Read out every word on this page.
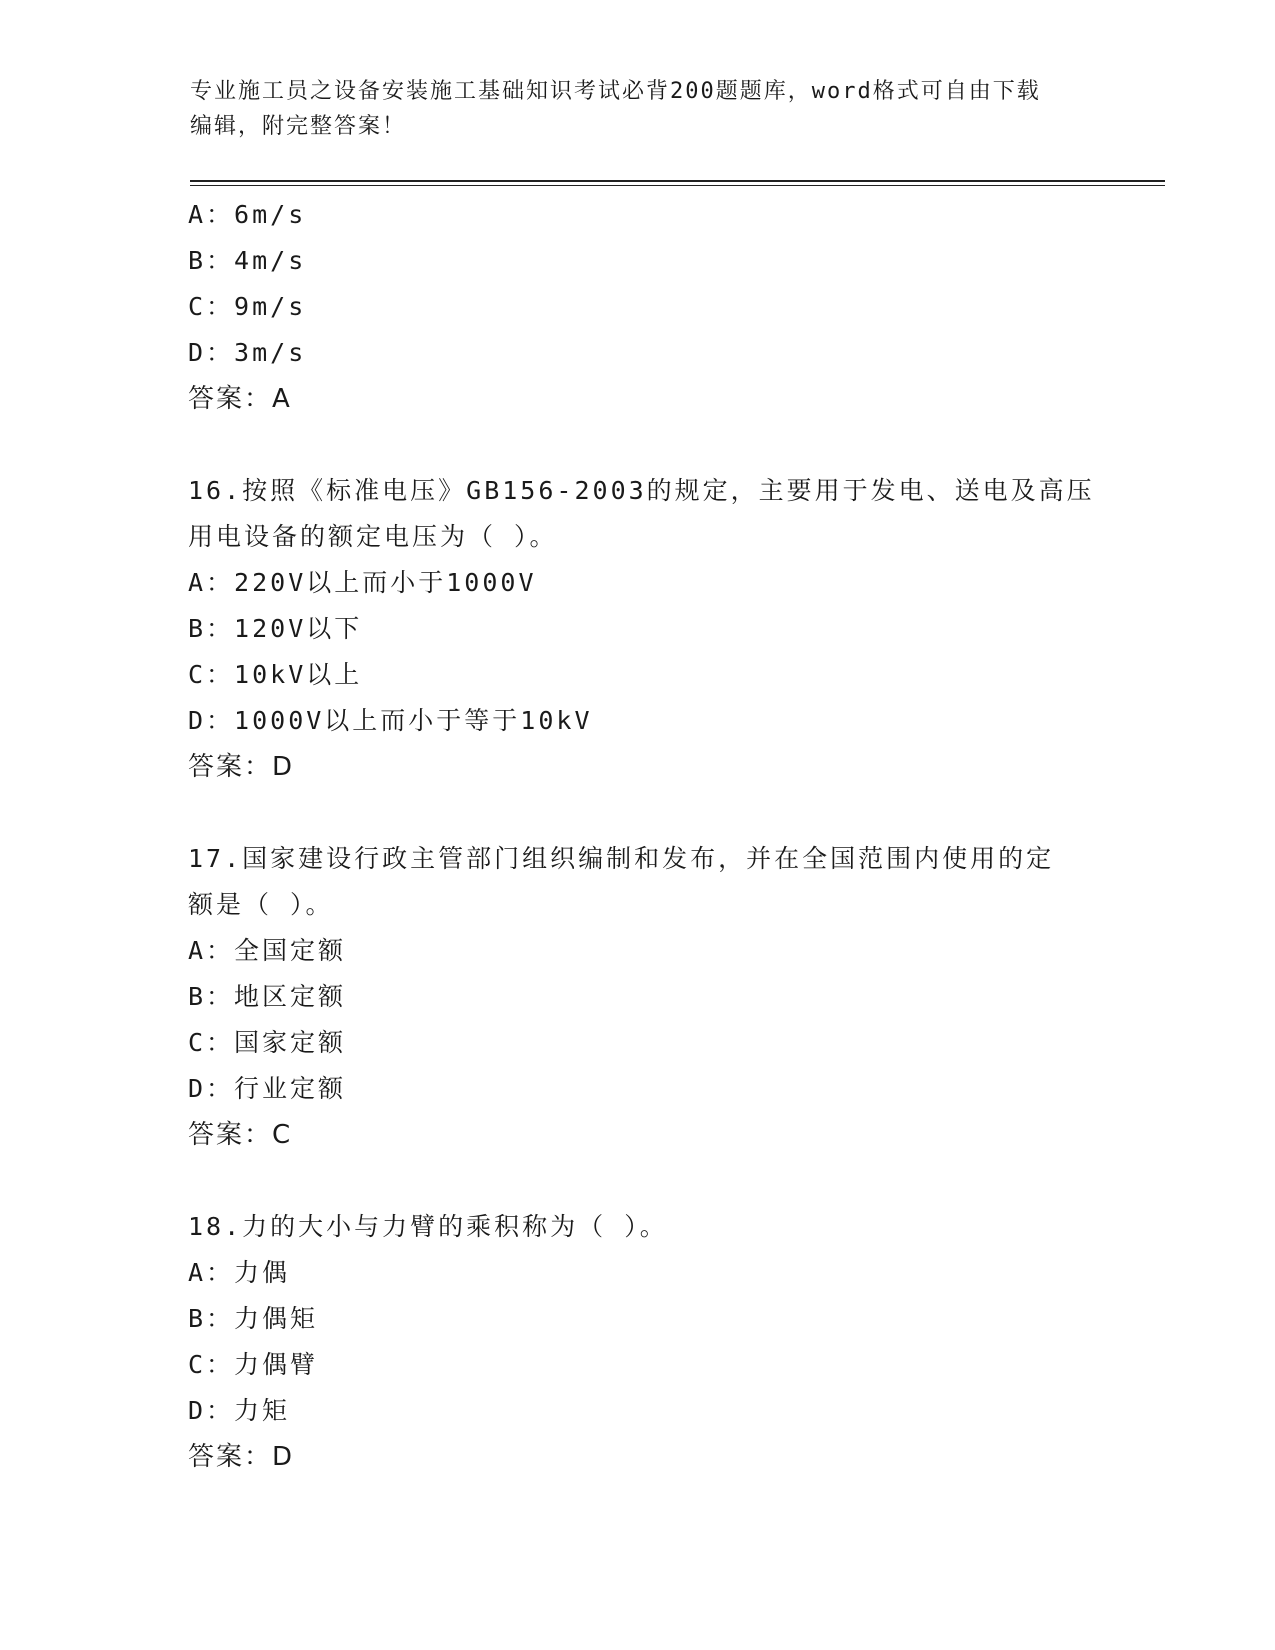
专业施工员之设备安装施工基础知识考试必背200题题库，word格式可自由下载
编辑，附完整答案！
A：6m/s
B：4m/s
C：9m/s
D：3m/s
答案：A
16.按照《标准电压》GB156-2003的规定，主要用于发电、送电及高压
用电设备的额定电压为（ ）。
A：220V以上而小于1000V
B：120V以下
C：10kV以上
D：1000V以上而小于等于10kV
答案：D
17.国家建设行政主管部门组织编制和发布，并在全国范围内使用的定
额是（ ）。
A：全国定额
B：地区定额
C：国家定额
D：行业定额
答案：C
18.力的大小与力臂的乘积称为（ ）。
A：力偶
B：力偶矩
C：力偶臂
D：力矩
答案：D
